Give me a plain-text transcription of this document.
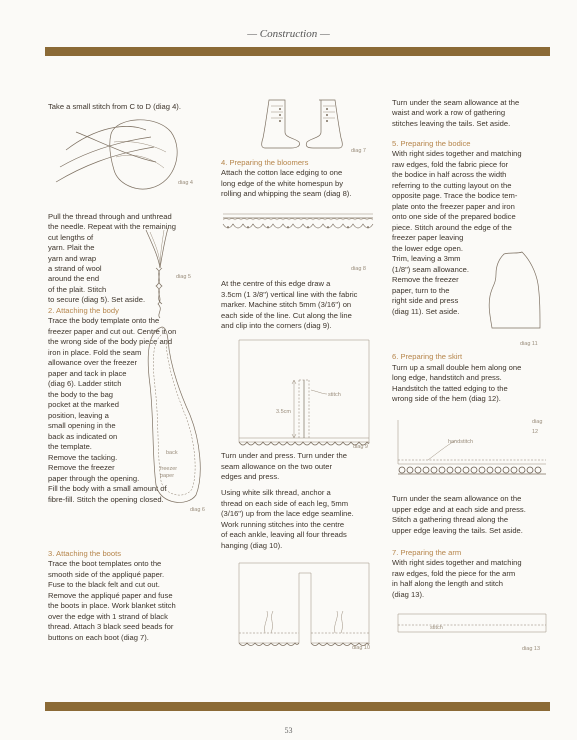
— Construction —

Take a small stitch from C to D (diag 4).

diag 4

Pull the thread through and unthread

the needle. Repeat with the remaining

cut lengths of

yarn. Plait the

yarn and wrap

a strand of wool

around the end

of the plait. Stitch

to secure (diag 5). Set aside.

diag 5

2. Attaching the body

Trace the body template onto the

freezer paper and cut out. Centre it on

the wrong side of the body piece and

iron in place. Fold the seam

allowance over the freezer

paper and tack in place

(diag 6). Ladder stitch

the body to the bag

pocket at the marked

position, leaving a

small opening in the

back as indicated on

the template.

Remove the tacking.

Remove the freezer

paper through the opening.

Fill the body with a small amount of

fibre-fill. Stitch the opening closed.

back
freezer paper
diag 6

3. Attaching the boots

Trace the boot templates onto the

smooth side of the appliqué paper.

Fuse to the black felt and cut out.

Remove the appliqué paper and fuse

the boots in place. Work blanket stitch

over the edge with 1 strand of black

thread. Attach 3 black seed beads for

buttons on each boot (diag 7).

diag 7

4. Preparing the bloomers

Attach the cotton lace edging to one

long edge of the white homespun by

rolling and whipping the seam (diag 8).

diag 8

At the centre of this edge draw a

3.5cm (1 3/8") vertical line with the fabric

marker. Machine stitch 5mm (3/16") on

each side of the line. Cut along the line

and clip into the corners (diag 9).

stitch
3.5cm
diag 9

Turn under and press. Turn under the

seam allowance on the two outer

edges and press.

Using white silk thread, anchor a

thread on each side of each leg, 5mm

(3/16") up from the lace edge seamline.

Work running stitches into the centre

of each ankle, leaving all four threads

hanging (diag 10).

diag 10

Turn under the seam allowance at the

waist and work a row of gathering

stitches leaving the tails. Set aside.

5. Preparing the bodice

With right sides together and matching

raw edges, fold the fabric piece for

the bodice in half across the width

referring to the cutting layout on the

opposite page. Trace the bodice tem-

plate onto the freezer paper and iron

onto one side of the prepared bodice

piece. Stitch around the edge of the

freezer paper leaving

the lower edge open.

Trim, leaving a 3mm

(1/8") seam allowance.

Remove the freezer

paper, turn to the

right side and press

(diag 11). Set aside.

diag 11

6. Preparing the skirt

Turn up a small double hem along one

long edge, handstitch and press.

Handstitch the tatted edging to the

wrong side of the hem (diag 12).

diag 12
handstitch

Turn under the seam allowance on the

upper edge and at each side and press.

Stitch a gathering thread along the

upper edge leaving the tails. Set aside.

7. Preparing the arm

With right sides together and matching

raw edges, fold the piece for the arm

in half along the length and stitch

(diag 13).

stitch
diag 13
53
